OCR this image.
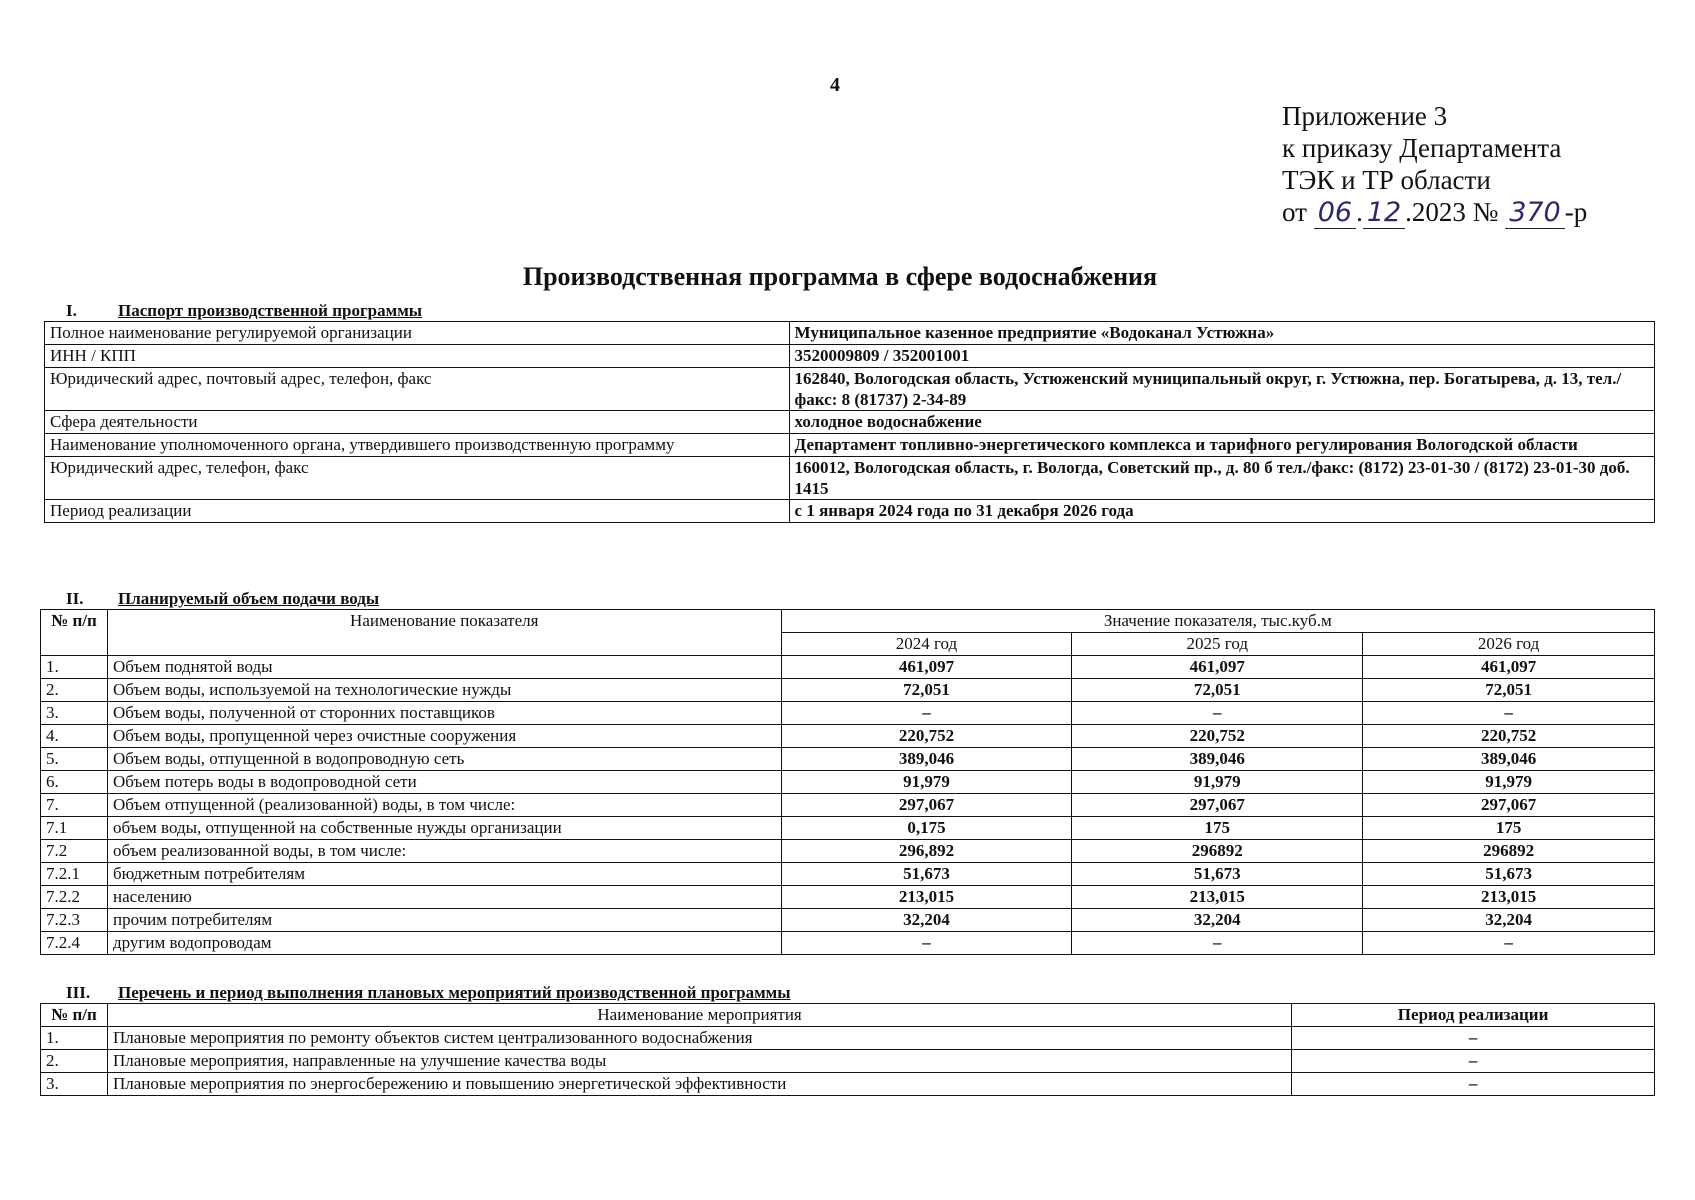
4
Приложение 3
к приказу Департамента
ТЭК и ТР области
от 06 . 12 .2023 № 370 -р
Производственная программа в сфере водоснабжения
I. Паспорт производственной программы
Полное наименование регулируемой организации	Муниципальное казенное предприятие «Водоканал Устюжна»
ИНН / КПП	3520009809 / 352001001
Юридический адрес, почтовый адрес, телефон, факс	162840, Вологодская область, Устюженский муниципальный округ, г. Устюжна, пер. Богатырева, д. 13, тел./факс: 8 (81737) 2-34-89
Сфера деятельности	холодное водоснабжение
Наименование уполномоченного органа, утвердившего производственную программу	Департамент топливно-энергетического комплекса и тарифного регулирования Вологодской области
Юридический адрес, телефон, факс	160012, Вологодская область, г. Вологда, Советский пр., д. 80 б тел./факс: (8172) 23-01-30 / (8172) 23-01-30 доб. 1415
Период реализации	с 1 января 2024 года по 31 декабря 2026 года
II. Планируемый объем подачи воды
№ п/п	Наименование показателя	Значение показателя, тыс.куб.м		
		2024 год	2025 год	2026 год
1.	Объем поднятой воды	461,097	461,097	461,097
2.	Объем воды, используемой на технологические нужды	72,051	72,051	72,051
3.	Объем воды, полученной от сторонних поставщиков	–	–	–
4.	Объем воды, пропущенной через очистные сооружения	220,752	220,752	220,752
5.	Объем воды, отпущенной в водопроводную сеть	389,046	389,046	389,046
6.	Объем потерь воды в водопроводной сети	91,979	91,979	91,979
7.	Объем отпущенной (реализованной) воды, в том числе:	297,067	297,067	297,067
7.1	объем воды, отпущенной на собственные нужды организации	0,175	175	175
7.2	объем реализованной воды, в том числе:	296,892	296892	296892
7.2.1	бюджетным потребителям	51,673	51,673	51,673
7.2.2	населению	213,015	213,015	213,015
7.2.3	прочим потребителям	32,204	32,204	32,204
7.2.4	другим водопроводам	–	–	–
III. Перечень и период выполнения плановых мероприятий производственной программы
№ п/п	Наименование мероприятия	Период реализации
1.	Плановые мероприятия по ремонту объектов систем централизованного водоснабжения	–
2.	Плановые мероприятия, направленные на улучшение качества воды	–
3.	Плановые мероприятия по энергосбережению и повышению энергетической эффективности	–
